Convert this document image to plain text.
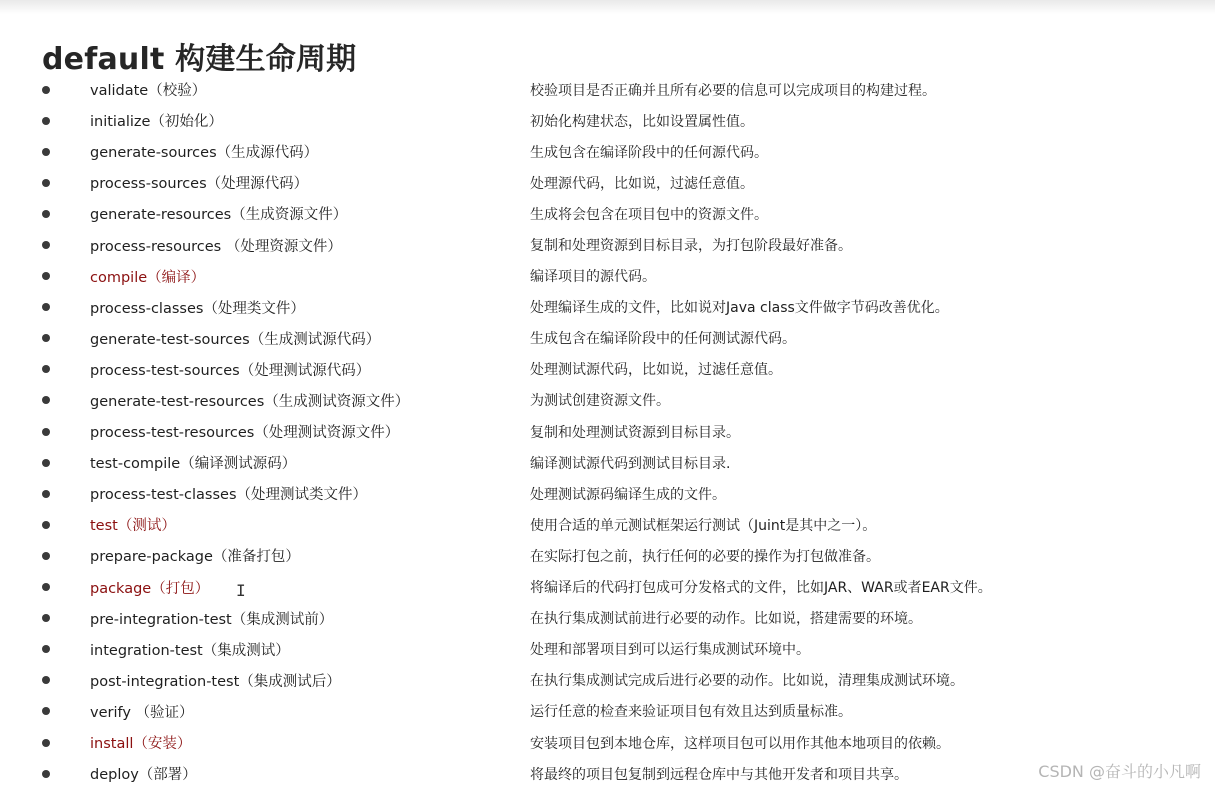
default 构建生命周期
validate（校验）	校验项目是否正确并且所有必要的信息可以完成项目的构建过程。
initialize（初始化）	初始化构建状态，比如设置属性值。
generate-sources（生成源代码）	生成包含在编译阶段中的任何源代码。
process-sources（处理源代码）	处理源代码，比如说，过滤任意值。
generate-resources（生成资源文件）	生成将会包含在项目包中的资源文件。
process-resources （处理资源文件）	复制和处理资源到目标目录，为打包阶段最好准备。
compile（编译）	编译项目的源代码。
process-classes（处理类文件）	处理编译生成的文件，比如说对Java class文件做字节码改善优化。
generate-test-sources（生成测试源代码）	生成包含在编译阶段中的任何测试源代码。
process-test-sources（处理测试源代码）	处理测试源代码，比如说，过滤任意值。
generate-test-resources（生成测试资源文件）	为测试创建资源文件。
process-test-resources（处理测试资源文件）	复制和处理测试资源到目标目录。
test-compile（编译测试源码）	编译测试源代码到测试目标目录.
process-test-classes（处理测试类文件）	处理测试源码编译生成的文件。
test（测试）	使用合适的单元测试框架运行测试（Juint是其中之一）。
prepare-package（准备打包）	在实际打包之前，执行任何的必要的操作为打包做准备。
package（打包）	将编译后的代码打包成可分发格式的文件，比如JAR、WAR或者EAR文件。
pre-integration-test（集成测试前）	在执行集成测试前进行必要的动作。比如说，搭建需要的环境。
integration-test（集成测试）	处理和部署项目到可以运行集成测试环境中。
post-integration-test（集成测试后）	在执行集成测试完成后进行必要的动作。比如说，清理集成测试环境。
verify （验证）	运行任意的检查来验证项目包有效且达到质量标准。
install（安装）	安装项目包到本地仓库，这样项目包可以用作其他本地项目的依赖。
deploy（部署）	将最终的项目包复制到远程仓库中与其他开发者和项目共享。
I
CSDN @奋斗的小凡啊
